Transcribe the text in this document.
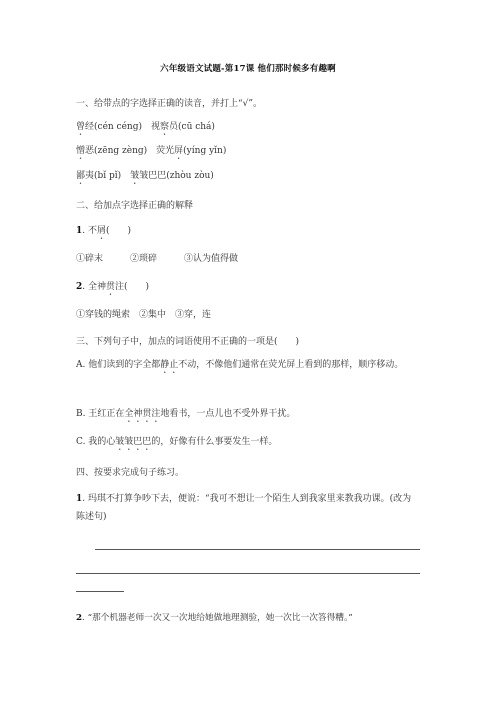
六年级语文试题-第17课 他们那时候多有趣啊
一、给带点的字选择正确的读音，并打上“√”。
曾经(cén céng)　视察员(cū chá)
憎恶(zēng zèng)　荧光屏(yíng yǐn)
鄙夷(bǐ pǐ)　皱皱巴巴(zhòu zòu)
二、给加点字选择正确的解释
1. 不屑(　　)
①碎末　　　②琐碎　　　③认为值得做
2. 全神贯注(　　)
①穿钱的绳索　②集中　③穿，连
三、下列句子中，加点的词语使用不正确的一项是(　　)
A. 他们读到的字全都静止不动，不像他们通常在荧光屏上看到的那样，顺序移动。
B. 王红正在全神贯注地看书，一点儿也不受外界干扰。
C. 我的心皱皱巴巴的，好像有什么事要发生一样。
四、按要求完成句子练习。
1. 玛琪不打算争吵下去，便说：“我可不想让一个陌生人到我家里来教我功课。(改为陈述句)
2. “那个机器老师一次又一次地给她做地理测验，她一次比一次答得糟。”
